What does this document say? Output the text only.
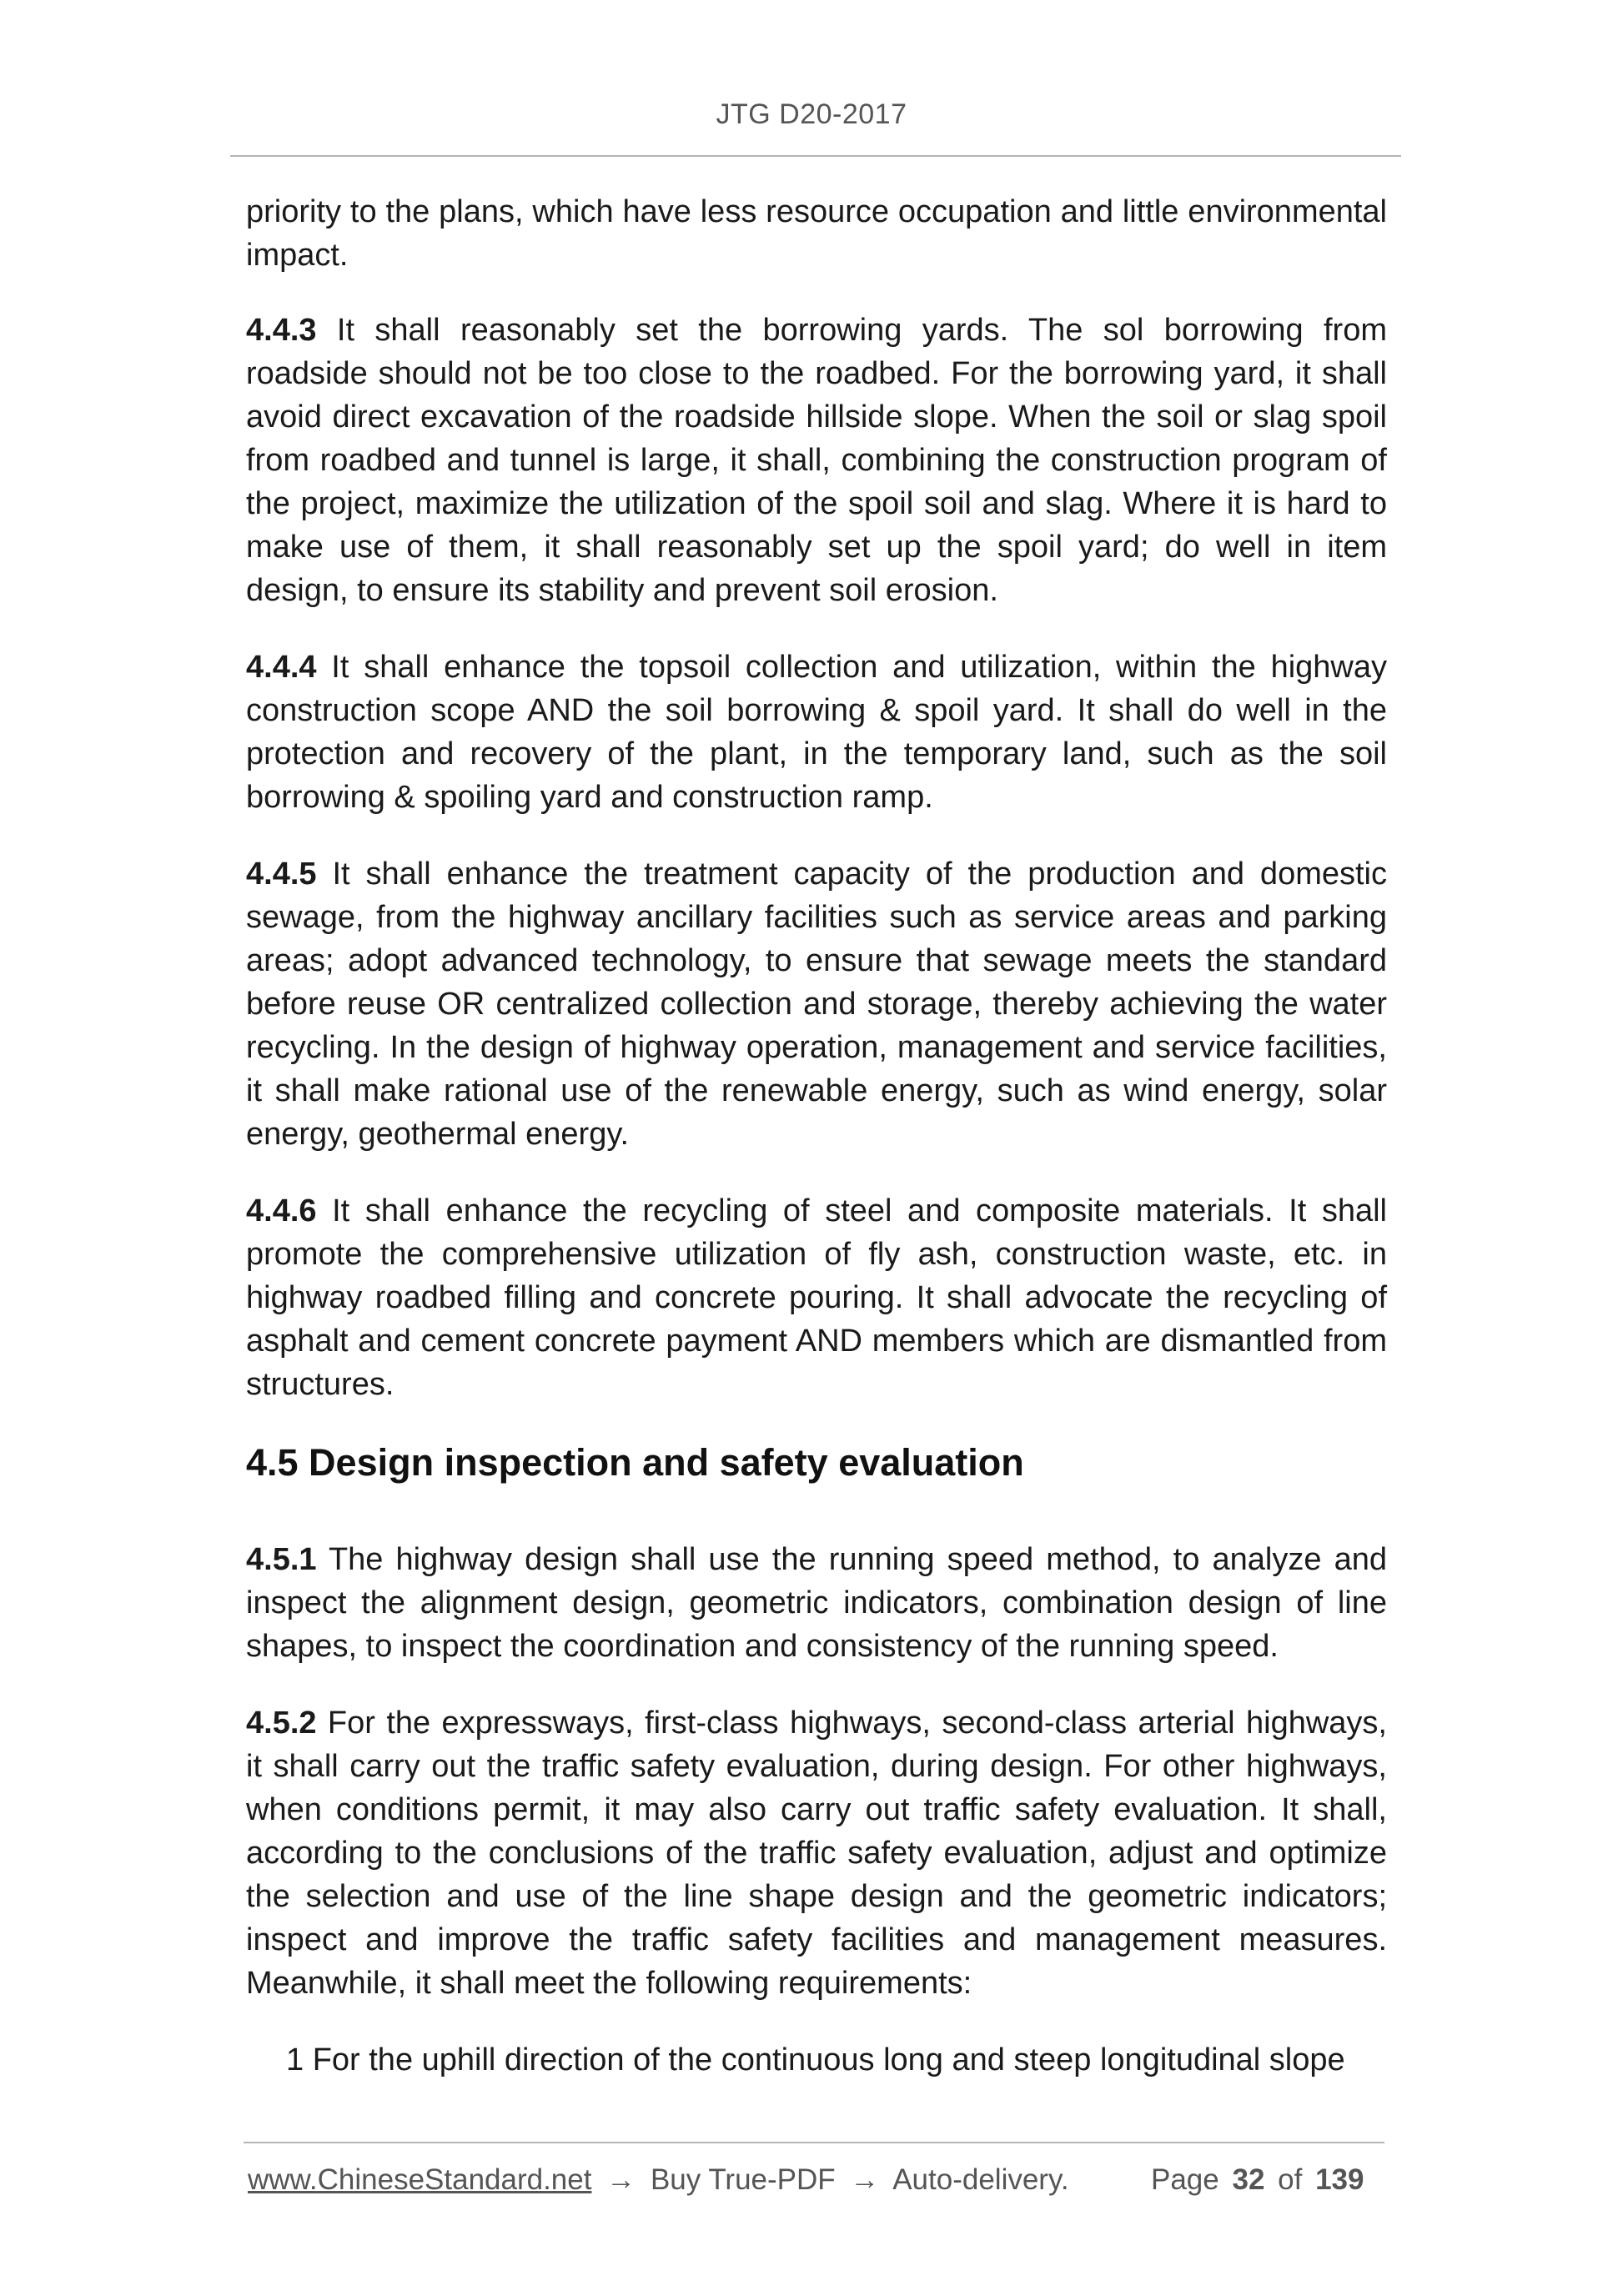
JTG D20-2017

priority to the plans, which have less resource occupation and little environmental impact.

4.4.3 It shall reasonably set the borrowing yards. The sol borrowing from roadside should not be too close to the roadbed. For the borrowing yard, it shall avoid direct excavation of the roadside hillside slope. When the soil or slag spoil from roadbed and tunnel is large, it shall, combining the construction program of the project, maximize the utilization of the spoil soil and slag. Where it is hard to make use of them, it shall reasonably set up the spoil yard; do well in item design, to ensure its stability and prevent soil erosion.

4.4.4 It shall enhance the topsoil collection and utilization, within the highway construction scope AND the soil borrowing & spoil yard. It shall do well in the protection and recovery of the plant, in the temporary land, such as the soil borrowing & spoiling yard and construction ramp.

4.4.5 It shall enhance the treatment capacity of the production and domestic sewage, from the highway ancillary facilities such as service areas and parking areas; adopt advanced technology, to ensure that sewage meets the standard before reuse OR centralized collection and storage, thereby achieving the water recycling. In the design of highway operation, management and service facilities, it shall make rational use of the renewable energy, such as wind energy, solar energy, geothermal energy.

4.4.6 It shall enhance the recycling of steel and composite materials. It shall promote the comprehensive utilization of fly ash, construction waste, etc. in highway roadbed filling and concrete pouring. It shall advocate the recycling of asphalt and cement concrete payment AND members which are dismantled from structures.

4.5 Design inspection and safety evaluation

4.5.1 The highway design shall use the running speed method, to analyze and inspect the alignment design, geometric indicators, combination design of line shapes, to inspect the coordination and consistency of the running speed.

4.5.2 For the expressways, first-class highways, second-class arterial highways, it shall carry out the traffic safety evaluation, during design. For other highways, when conditions permit, it may also carry out traffic safety evaluation. It shall, according to the conclusions of the traffic safety evaluation, adjust and optimize the selection and use of the line shape design and the geometric indicators; inspect and improve the traffic safety facilities and management measures. Meanwhile, it shall meet the following requirements:

1 For the uphill direction of the continuous long and steep longitudinal slope

www.ChineseStandard.net → Buy True-PDF → Auto-delivery.	Page 32 of 139
